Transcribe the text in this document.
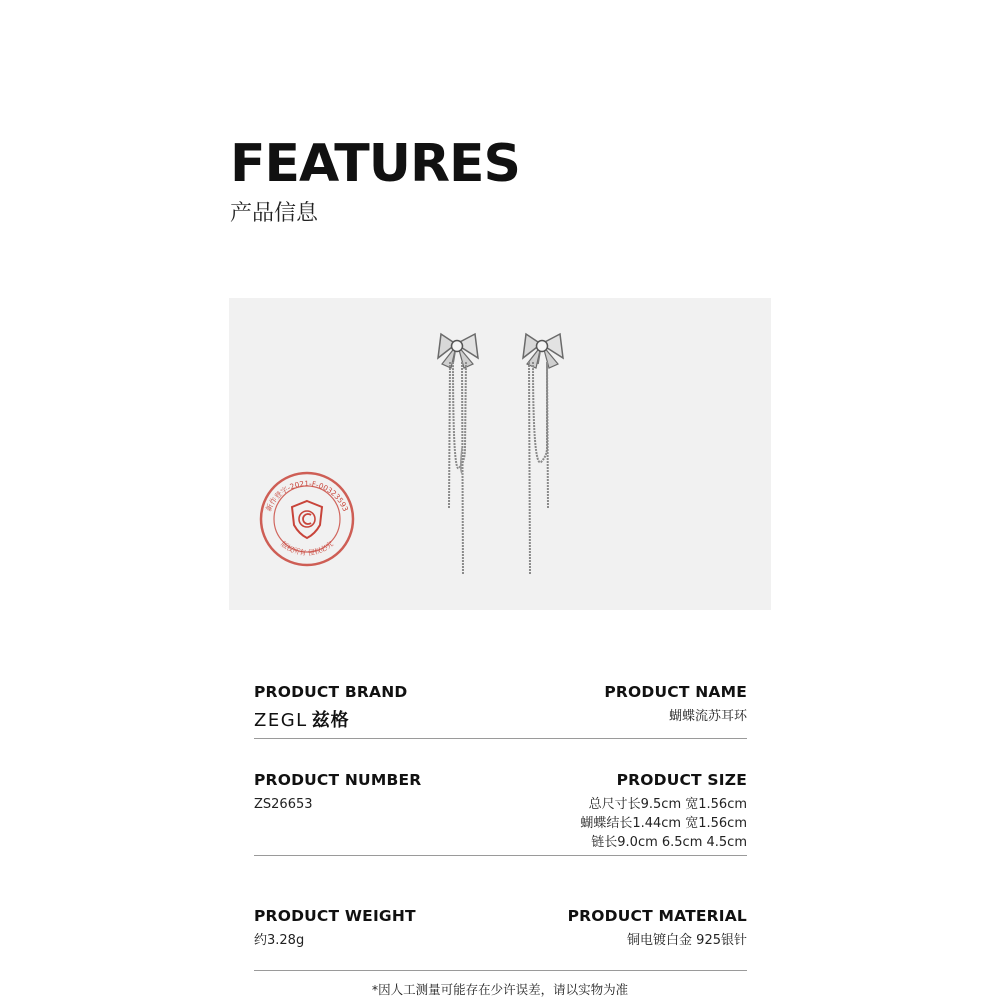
FEATURES
产品信息
新作登字-2021-F-00323593
版权所有 侵权必究
PRODUCT BRAND
ZEGL 兹格
PRODUCT NAME
蝴蝶流苏耳环
PRODUCT NUMBER
ZS26653
PRODUCT SIZE
总尺寸长9.5cm 宽1.56cm
蝴蝶结长1.44cm 宽1.56cm
链长9.0cm 6.5cm 4.5cm
PRODUCT WEIGHT
约3.28g
PRODUCT MATERIAL
铜电镀白金 925银针
*因人工测量可能存在少许误差，请以实物为准
